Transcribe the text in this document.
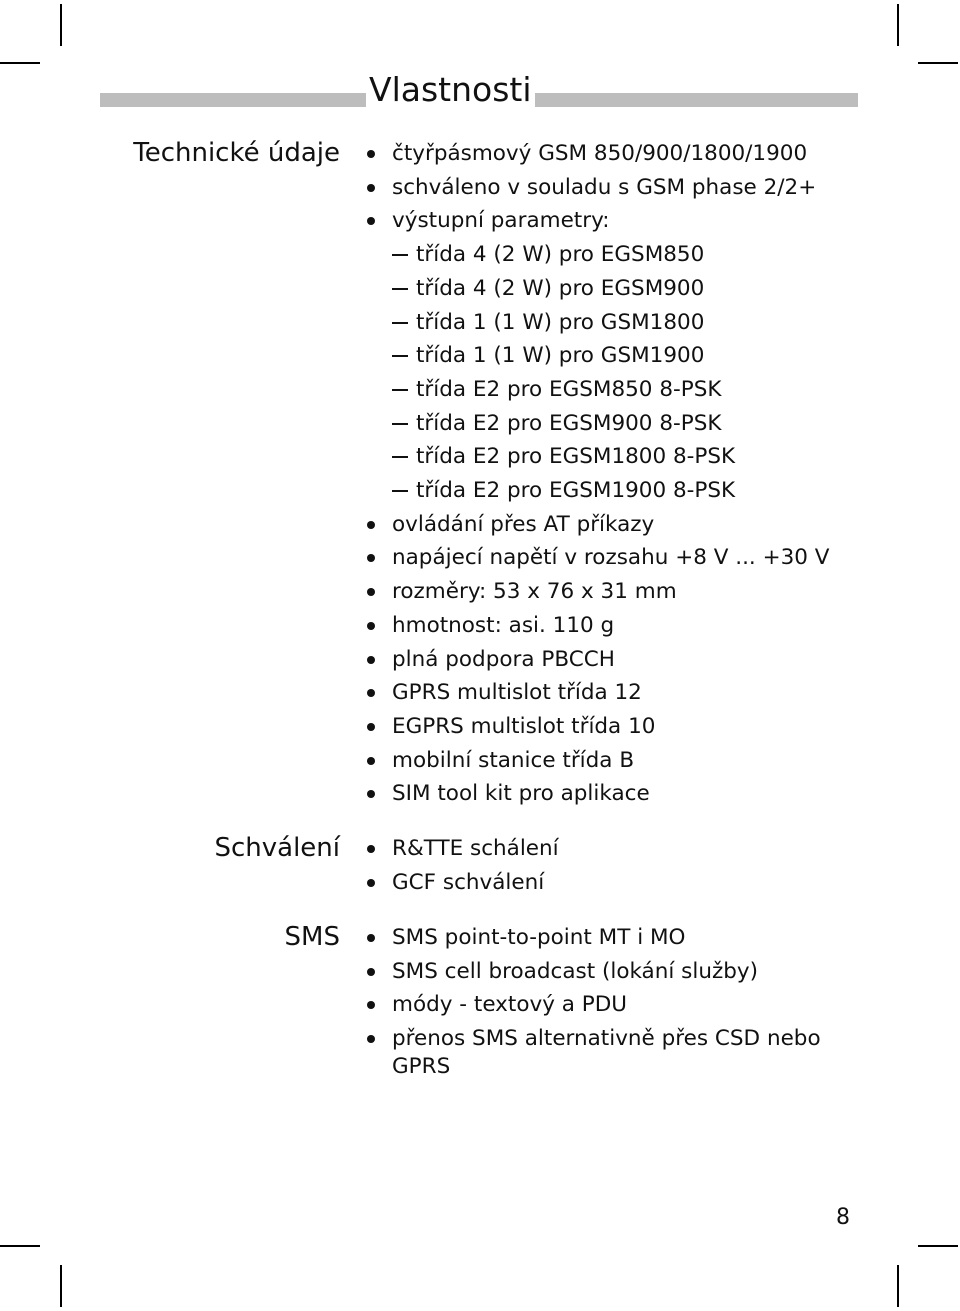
Vlastnosti
Technické údaje	čtyřpásmový GSM 850/900/1800/1900
schváleno v souladu s GSM phase 2/2+
výstupní parametry:
třída 4 (2 W) pro EGSM850
třída 4 (2 W) pro EGSM900
třída 1 (1 W) pro GSM1800
třída 1 (1 W) pro GSM1900
třída E2 pro EGSM850 8-PSK
třída E2 pro EGSM900 8-PSK
třída E2 pro EGSM1800 8-PSK
třída E2 pro EGSM1900 8-PSK
ovládání přes AT příkazy
napájecí napětí v rozsahu +8 V ... +30 V
rozměry: 53 x 76 x 31 mm
hmotnost: asi. 110 g
plná podpora PBCCH
GPRS multislot třída 12
EGPRS multislot třída 10
mobilní stanice třída B
SIM tool kit pro aplikace
Schválení	R&TTE schálení
GCF schválení
SMS	SMS point-to-point MT i MO
SMS cell broadcast (lokání služby)
módy - textový a PDU
přenos SMS alternativně přes CSD nebo GPRS
8
